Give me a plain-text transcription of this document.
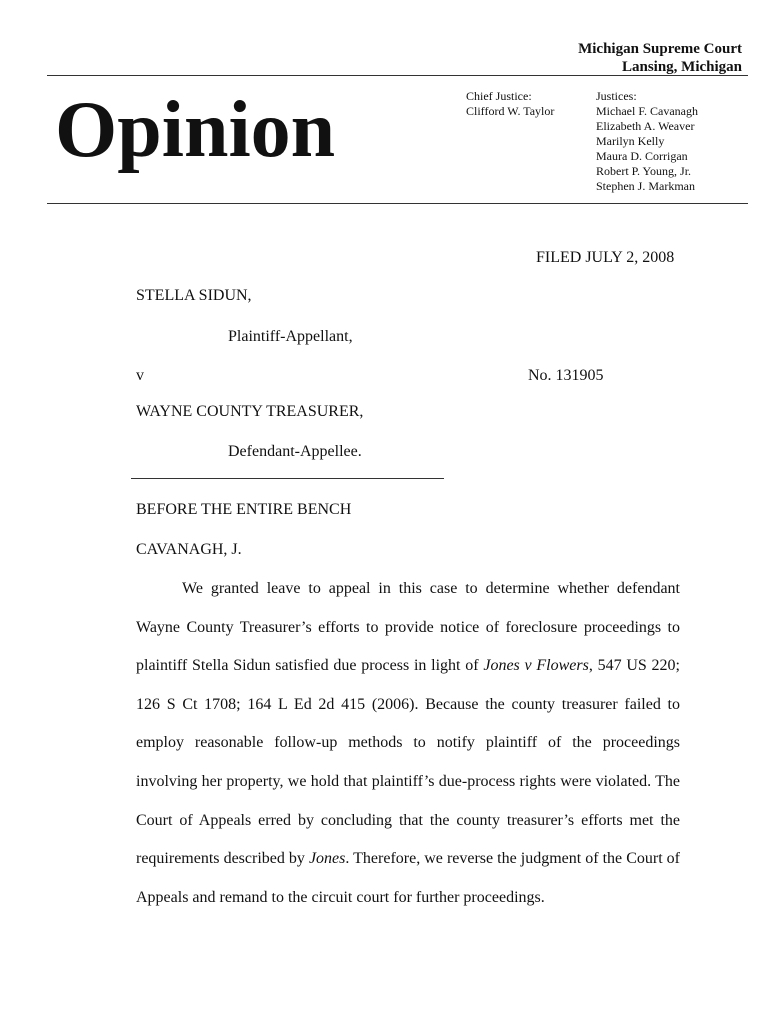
Michigan Supreme Court
Lansing, Michigan
Opinion	Chief Justice:
Clifford W. Taylor
Justices:
Michael F. Cavanagh
Elizabeth A. Weaver
Marilyn Kelly
Maura D. Corrigan
Robert P. Young, Jr.
Stephen J. Markman
FILED JULY 2, 2008
STELLA SIDUN,
Plaintiff-Appellant,
v	No. 131905
WAYNE COUNTY TREASURER,
Defendant-Appellee.
BEFORE THE ENTIRE BENCH
CAVANAGH, J.

We granted leave to appeal in this case to determine whether defendant Wayne County Treasurer’s efforts to provide notice of foreclosure proceedings to plaintiff Stella Sidun satisfied due process in light of Jones v Flowers, 547 US 220; 126 S Ct 1708; 164 L Ed 2d 415 (2006). Because the county treasurer failed to employ reasonable follow-up methods to notify plaintiff of the proceedings involving her property, we hold that plaintiff’s due-process rights were violated. The Court of Appeals erred by concluding that the county treasurer’s efforts met the requirements described by Jones. Therefore, we reverse the judgment of the Court of Appeals and remand to the circuit court for further proceedings.
